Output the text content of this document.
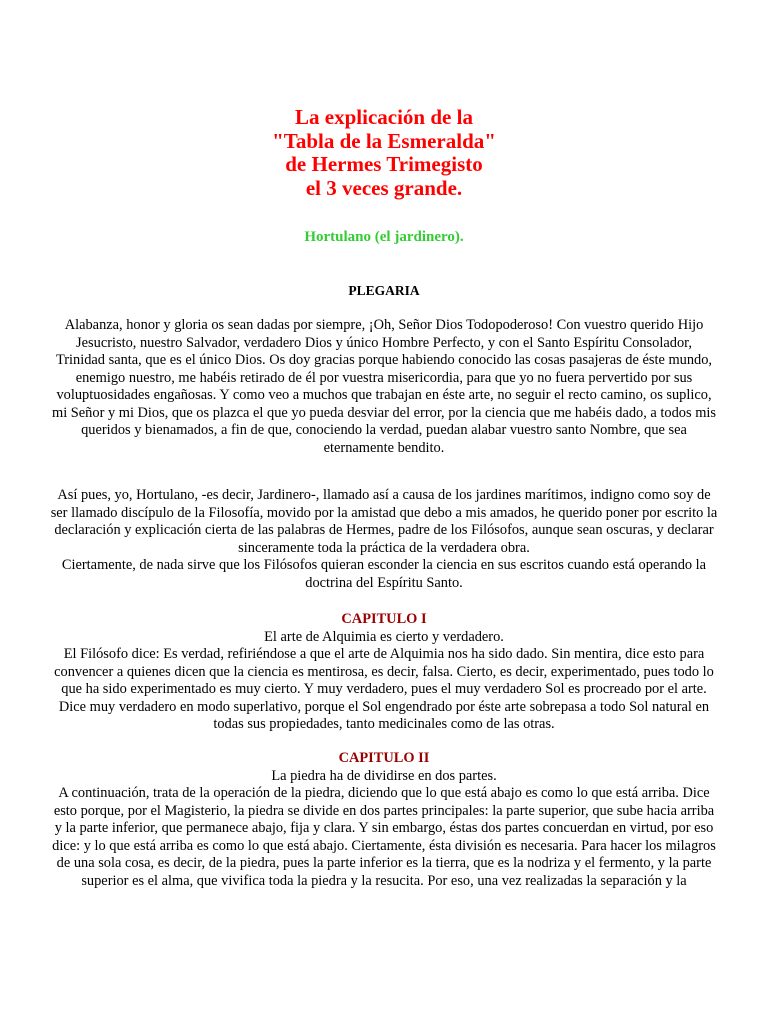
La explicación de la
"Tabla de la Esmeralda"
de Hermes Trimegisto
el 3 veces grande.
Hortulano (el jardinero).
PLEGARIA
Alabanza, honor y gloria os sean dadas por siempre, ¡Oh, Señor Dios Todopoderoso! Con vuestro querido Hijo
Jesucristo, nuestro Salvador, verdadero Dios y único Hombre Perfecto, y con el Santo Espíritu Consolador,
Trinidad santa, que es el único Dios. Os doy gracias porque habiendo conocido las cosas pasajeras de éste mundo,
enemigo nuestro, me habéis retirado de él por vuestra misericordia, para que yo no fuera pervertido por sus
voluptuosidades engañosas. Y como veo a muchos que trabajan en éste arte, no seguir el recto camino, os suplico,
mi Señor y mi Dios, que os plazca el que yo pueda desviar del error, por la ciencia que me habéis dado, a todos mis
queridos y bienamados, a fin de que, conociendo la verdad, puedan alabar vuestro santo Nombre, que sea
eternamente bendito.
Así pues, yo, Hortulano, -es decir, Jardinero-, llamado así a causa de los jardines marítimos, indigno como soy de
ser llamado discípulo de la Filosofía, movido por la amistad que debo a mis amados, he querido poner por escrito la
declaración y explicación cierta de las palabras de Hermes, padre de los Filósofos, aunque sean oscuras, y declarar
sinceramente toda la práctica de la verdadera obra.
Ciertamente, de nada sirve que los Filósofos quieran esconder la ciencia en sus escritos cuando está operando la
doctrina del Espíritu Santo.
CAPITULO I
El arte de Alquimia es cierto y verdadero.
El Filósofo dice: Es verdad, refiriéndose a que el arte de Alquimia nos ha sido dado. Sin mentira, dice esto para
convencer a quienes dicen que la ciencia es mentirosa, es decir, falsa. Cierto, es decir, experimentado, pues todo lo
que ha sido experimentado es muy cierto. Y muy verdadero, pues el muy verdadero Sol es procreado por el arte.
Dice muy verdadero en modo superlativo, porque el Sol engendrado por éste arte sobrepasa a todo Sol natural en
todas sus propiedades, tanto medicinales como de las otras.
CAPITULO II
La piedra ha de dividirse en dos partes.
A continuación, trata de la operación de la piedra, diciendo que lo que está abajo es como lo que está arriba. Dice
esto porque, por el Magisterio, la piedra se divide en dos partes principales: la parte superior, que sube hacia arriba
y la parte inferior, que permanece abajo, fija y clara. Y sin embargo, éstas dos partes concuerdan en virtud, por eso
dice: y lo que está arriba es como lo que está abajo. Ciertamente, ésta división es necesaria. Para hacer los milagros
de una sola cosa, es decir, de la piedra, pues la parte inferior es la tierra, que es la nodriza y el fermento, y la parte
superior es el alma, que vivifica toda la piedra y la resucita. Por eso, una vez realizadas la separación y la
